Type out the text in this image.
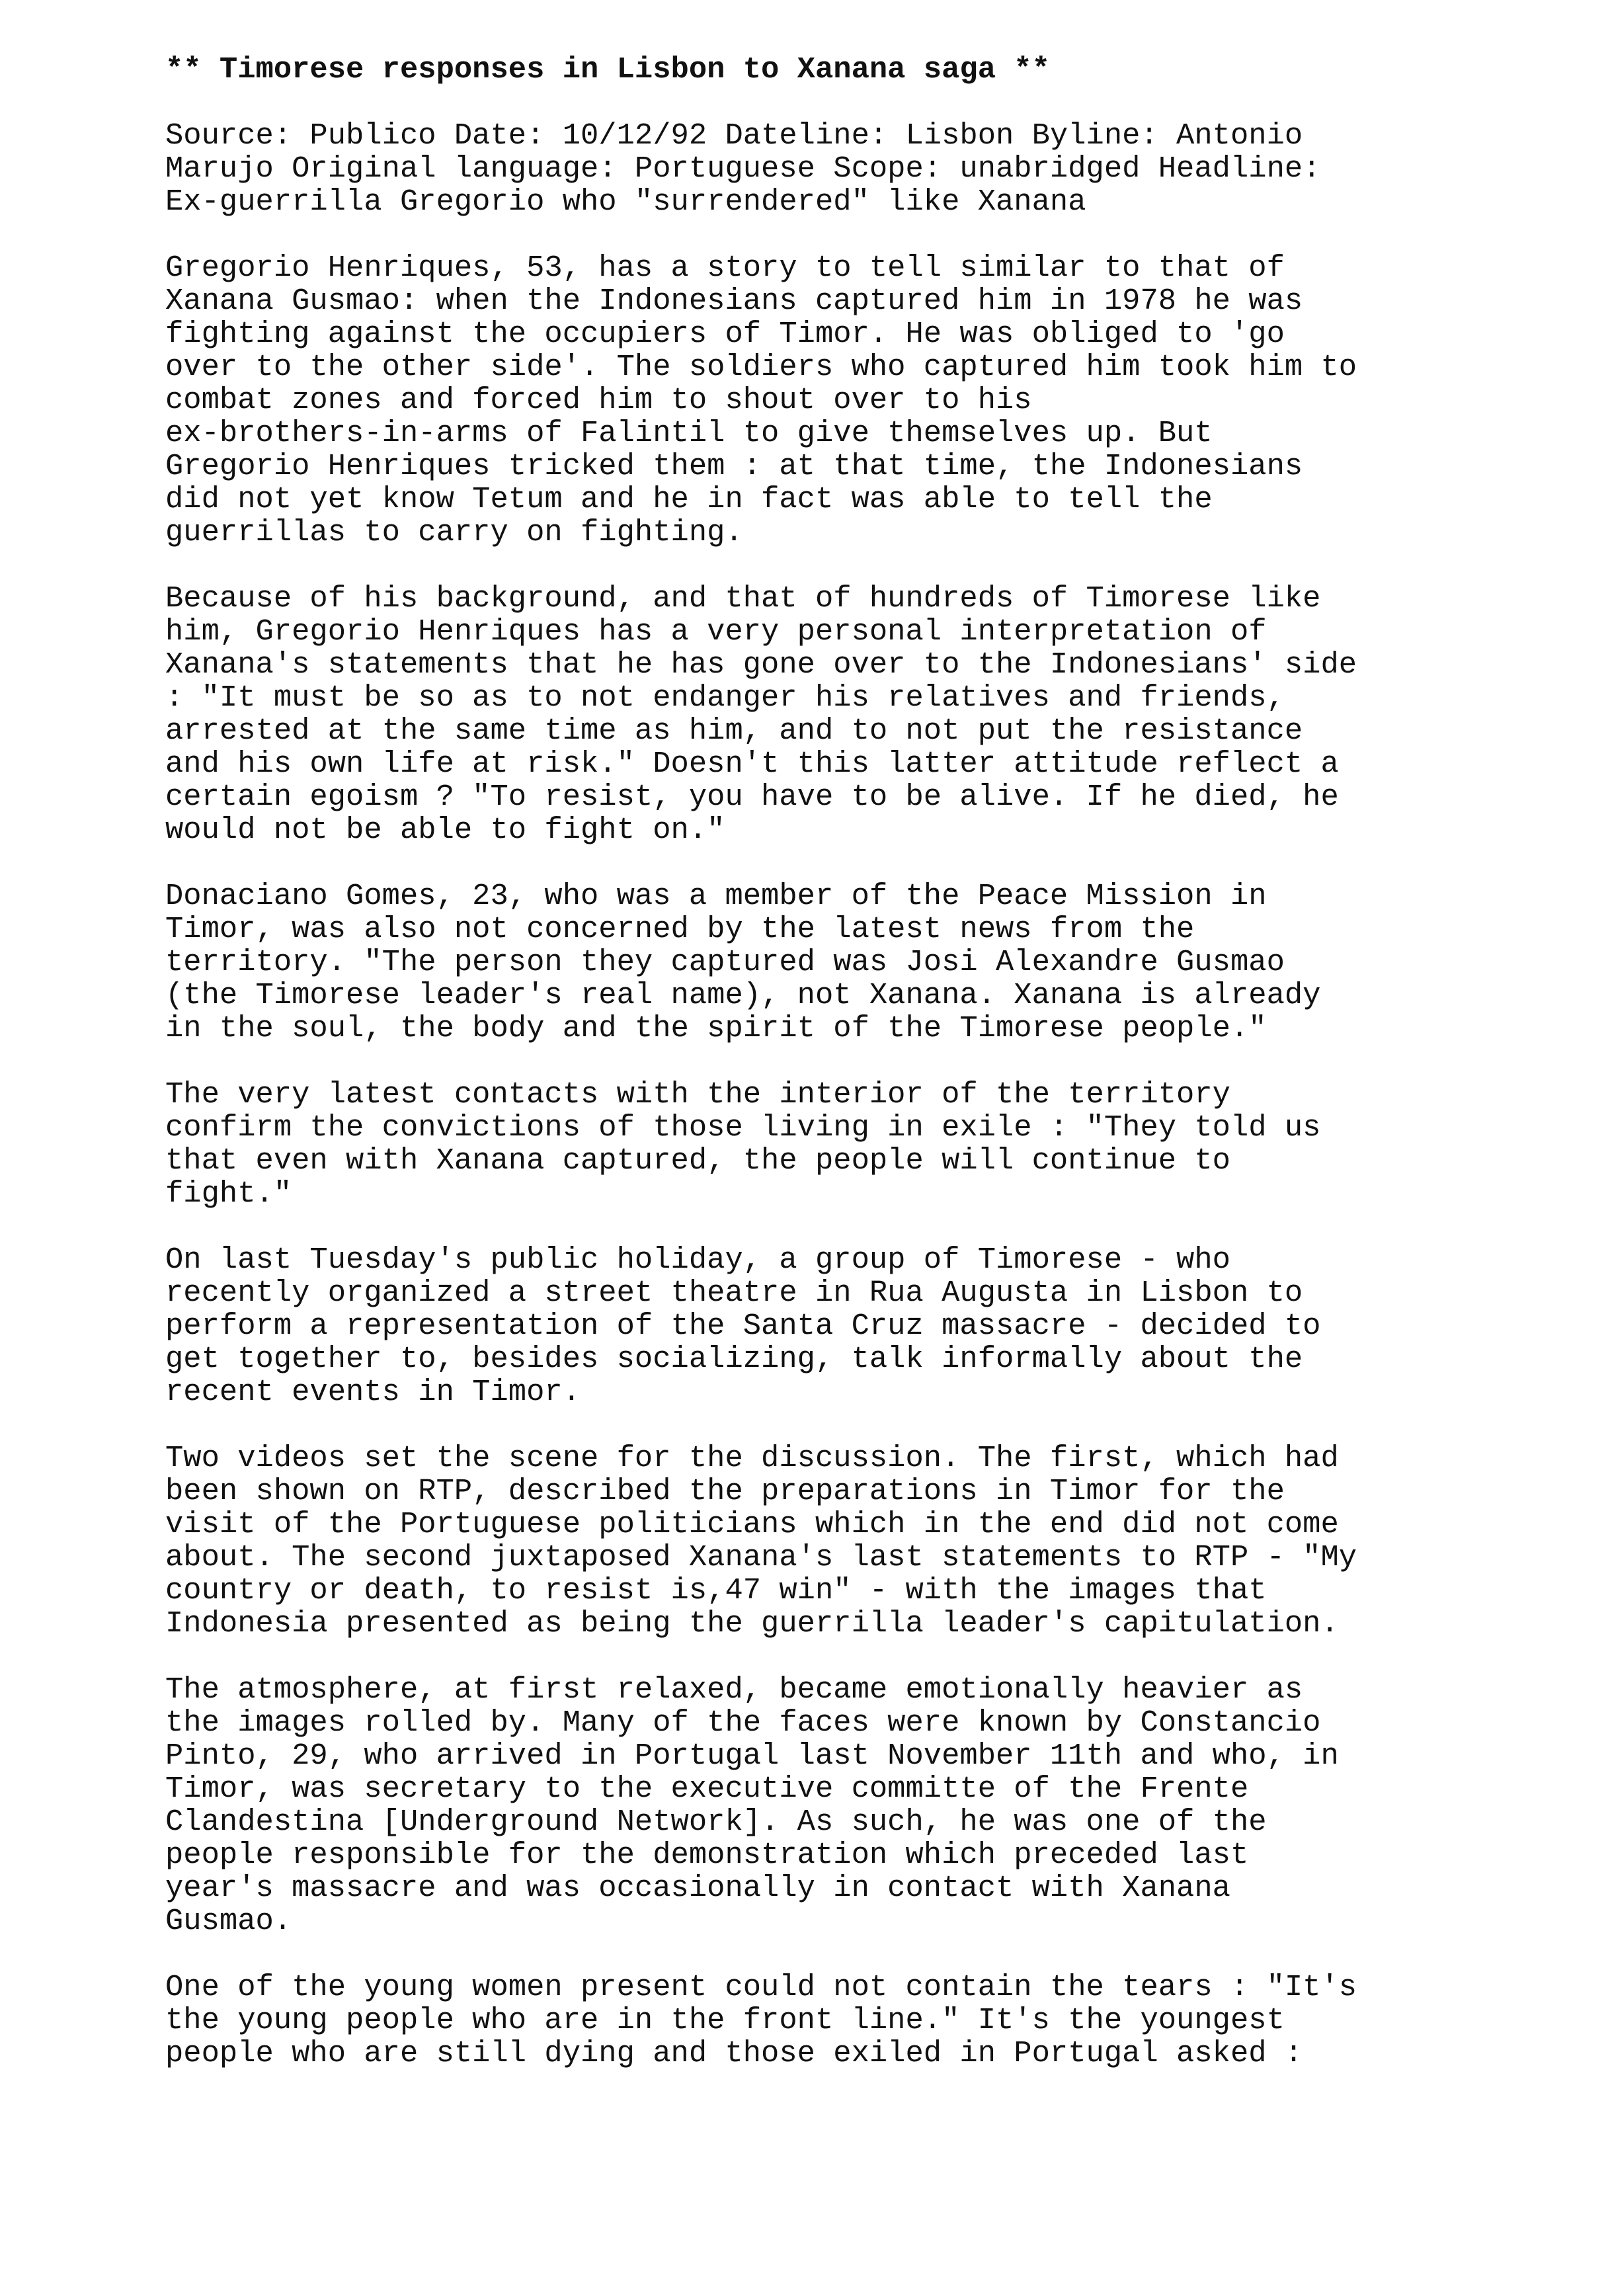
** Timorese responses in Lisbon to Xanana saga **
Source: Publico Date: 10/12/92 Dateline: Lisbon Byline: Antonio
Marujo Original language: Portuguese Scope: unabridged Headline:
Ex-guerrilla Gregorio who "surrendered" like Xanana
Gregorio Henriques, 53, has a story to tell similar to that of
Xanana Gusmao: when the Indonesians captured him in 1978 he was
fighting against the occupiers of Timor. He was obliged to 'go
over to the other side'. The soldiers who captured him took him to
combat zones and forced him to shout over to his
ex-brothers-in-arms of Falintil to give themselves up. But
Gregorio Henriques tricked them : at that time, the Indonesians
did not yet know Tetum and he in fact was able to tell the
guerrillas to carry on fighting.
Because of his background, and that of hundreds of Timorese like
him, Gregorio Henriques has a very personal interpretation of
Xanana's statements that he has gone over to the Indonesians' side
: "It must be so as to not endanger his relatives and friends,
arrested at the same time as him, and to not put the resistance
and his own life at risk." Doesn't this latter attitude reflect a
certain egoism ? "To resist, you have to be alive. If he died, he
would not be able to fight on."
Donaciano Gomes, 23, who was a member of the Peace Mission in
Timor, was also not concerned by the latest news from the
territory. "The person they captured was Josi Alexandre Gusmao
(the Timorese leader's real name), not Xanana. Xanana is already
in the soul, the body and the spirit of the Timorese people."
The very latest contacts with the interior of the territory
confirm the convictions of those living in exile : "They told us
that even with Xanana captured, the people will continue to
fight."
On last Tuesday's public holiday, a group of Timorese - who
recently organized a street theatre in Rua Augusta in Lisbon to
perform a representation of the Santa Cruz massacre - decided to
get together to, besides socializing, talk informally about the
recent events in Timor.
Two videos set the scene for the discussion. The first, which had
been shown on RTP, described the preparations in Timor for the
visit of the Portuguese politicians which in the end did not come
about. The second juxtaposed Xanana's last statements to RTP - "My
country or death, to resist is,47 win" - with the images that
Indonesia presented as being the guerrilla leader's capitulation.
The atmosphere, at first relaxed, became emotionally heavier as
the images rolled by. Many of the faces were known by Constancio
Pinto, 29, who arrived in Portugal last November 11th and who, in
Timor, was secretary to the executive committe of the Frente
Clandestina [Underground Network]. As such, he was one of the
people responsible for the demonstration which preceded last
year's massacre and was occasionally in contact with Xanana
Gusmao.
One of the young women present could not contain the tears : "It's
the young people who are in the front line." It's the youngest
people who are still dying and those exiled in Portugal asked :
